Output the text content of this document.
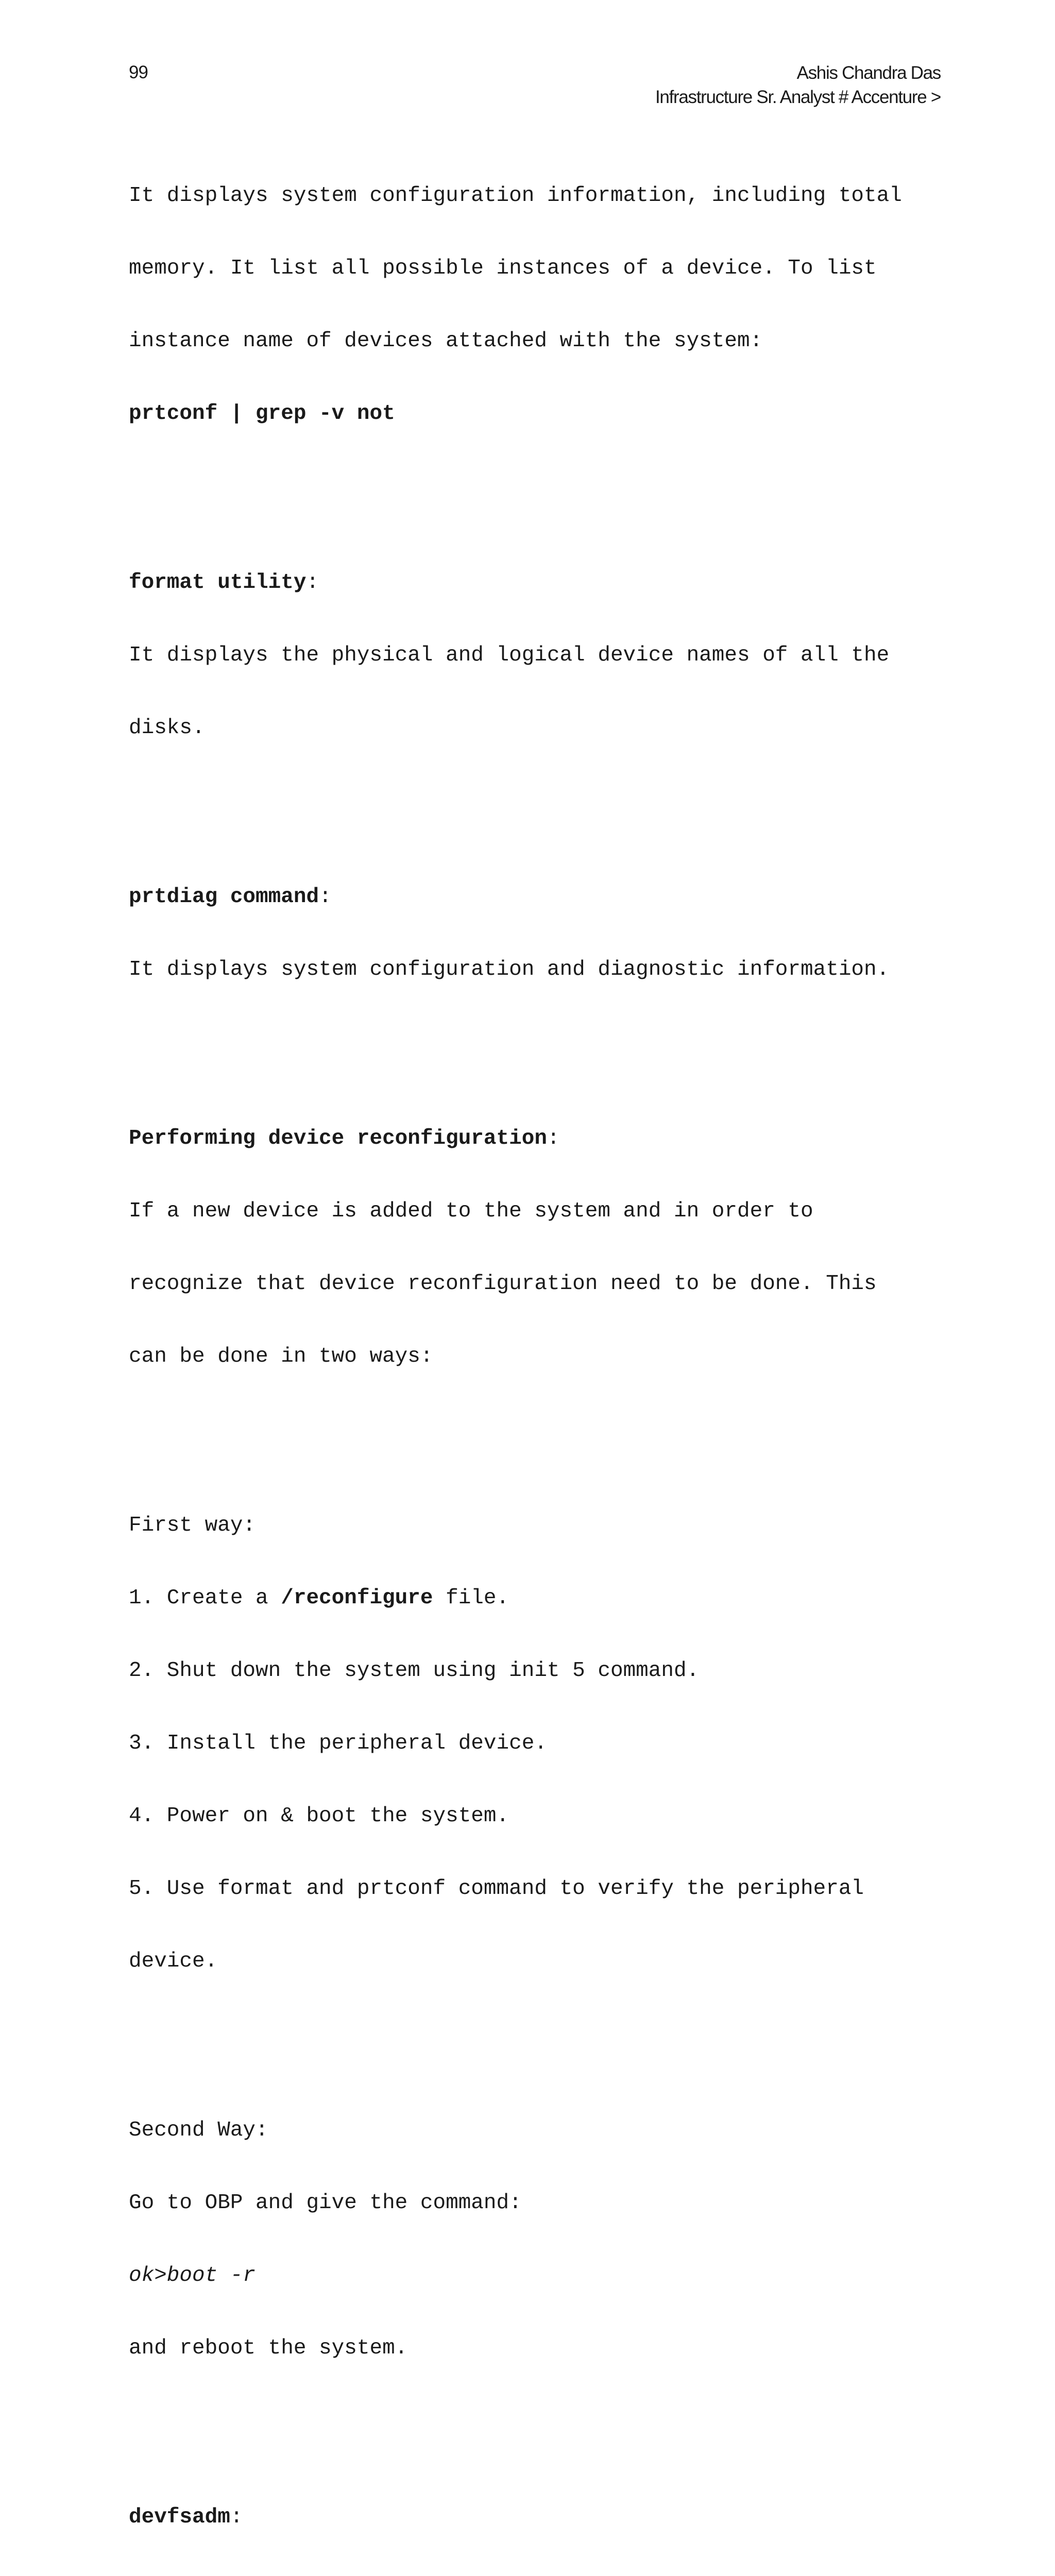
99	Ashis Chandra Das
Infrastructure Sr. Analyst # Accenture >

It displays system configuration information, including total

memory. It list all possible instances of a device. To list

instance name of devices attached with the system:

prtconf | grep -v not

format utility:

It displays the physical and logical device names of all the

disks.

prtdiag command:

It displays system configuration and diagnostic information.

Performing device reconfiguration:

If a new device is added to the system and in order to

recognize that device reconfiguration need to be done. This

can be done in two ways:

First way:

1. Create a /reconfigure file.

2. Shut down the system using init 5 command.

3. Install the peripheral device.

4. Power on & boot the system.

5. Use format and prtconf command to verify the peripheral

device.

Second Way:

Go to OBP and give the command:

ok>boot -r

and reboot the system.

devfsadm:
